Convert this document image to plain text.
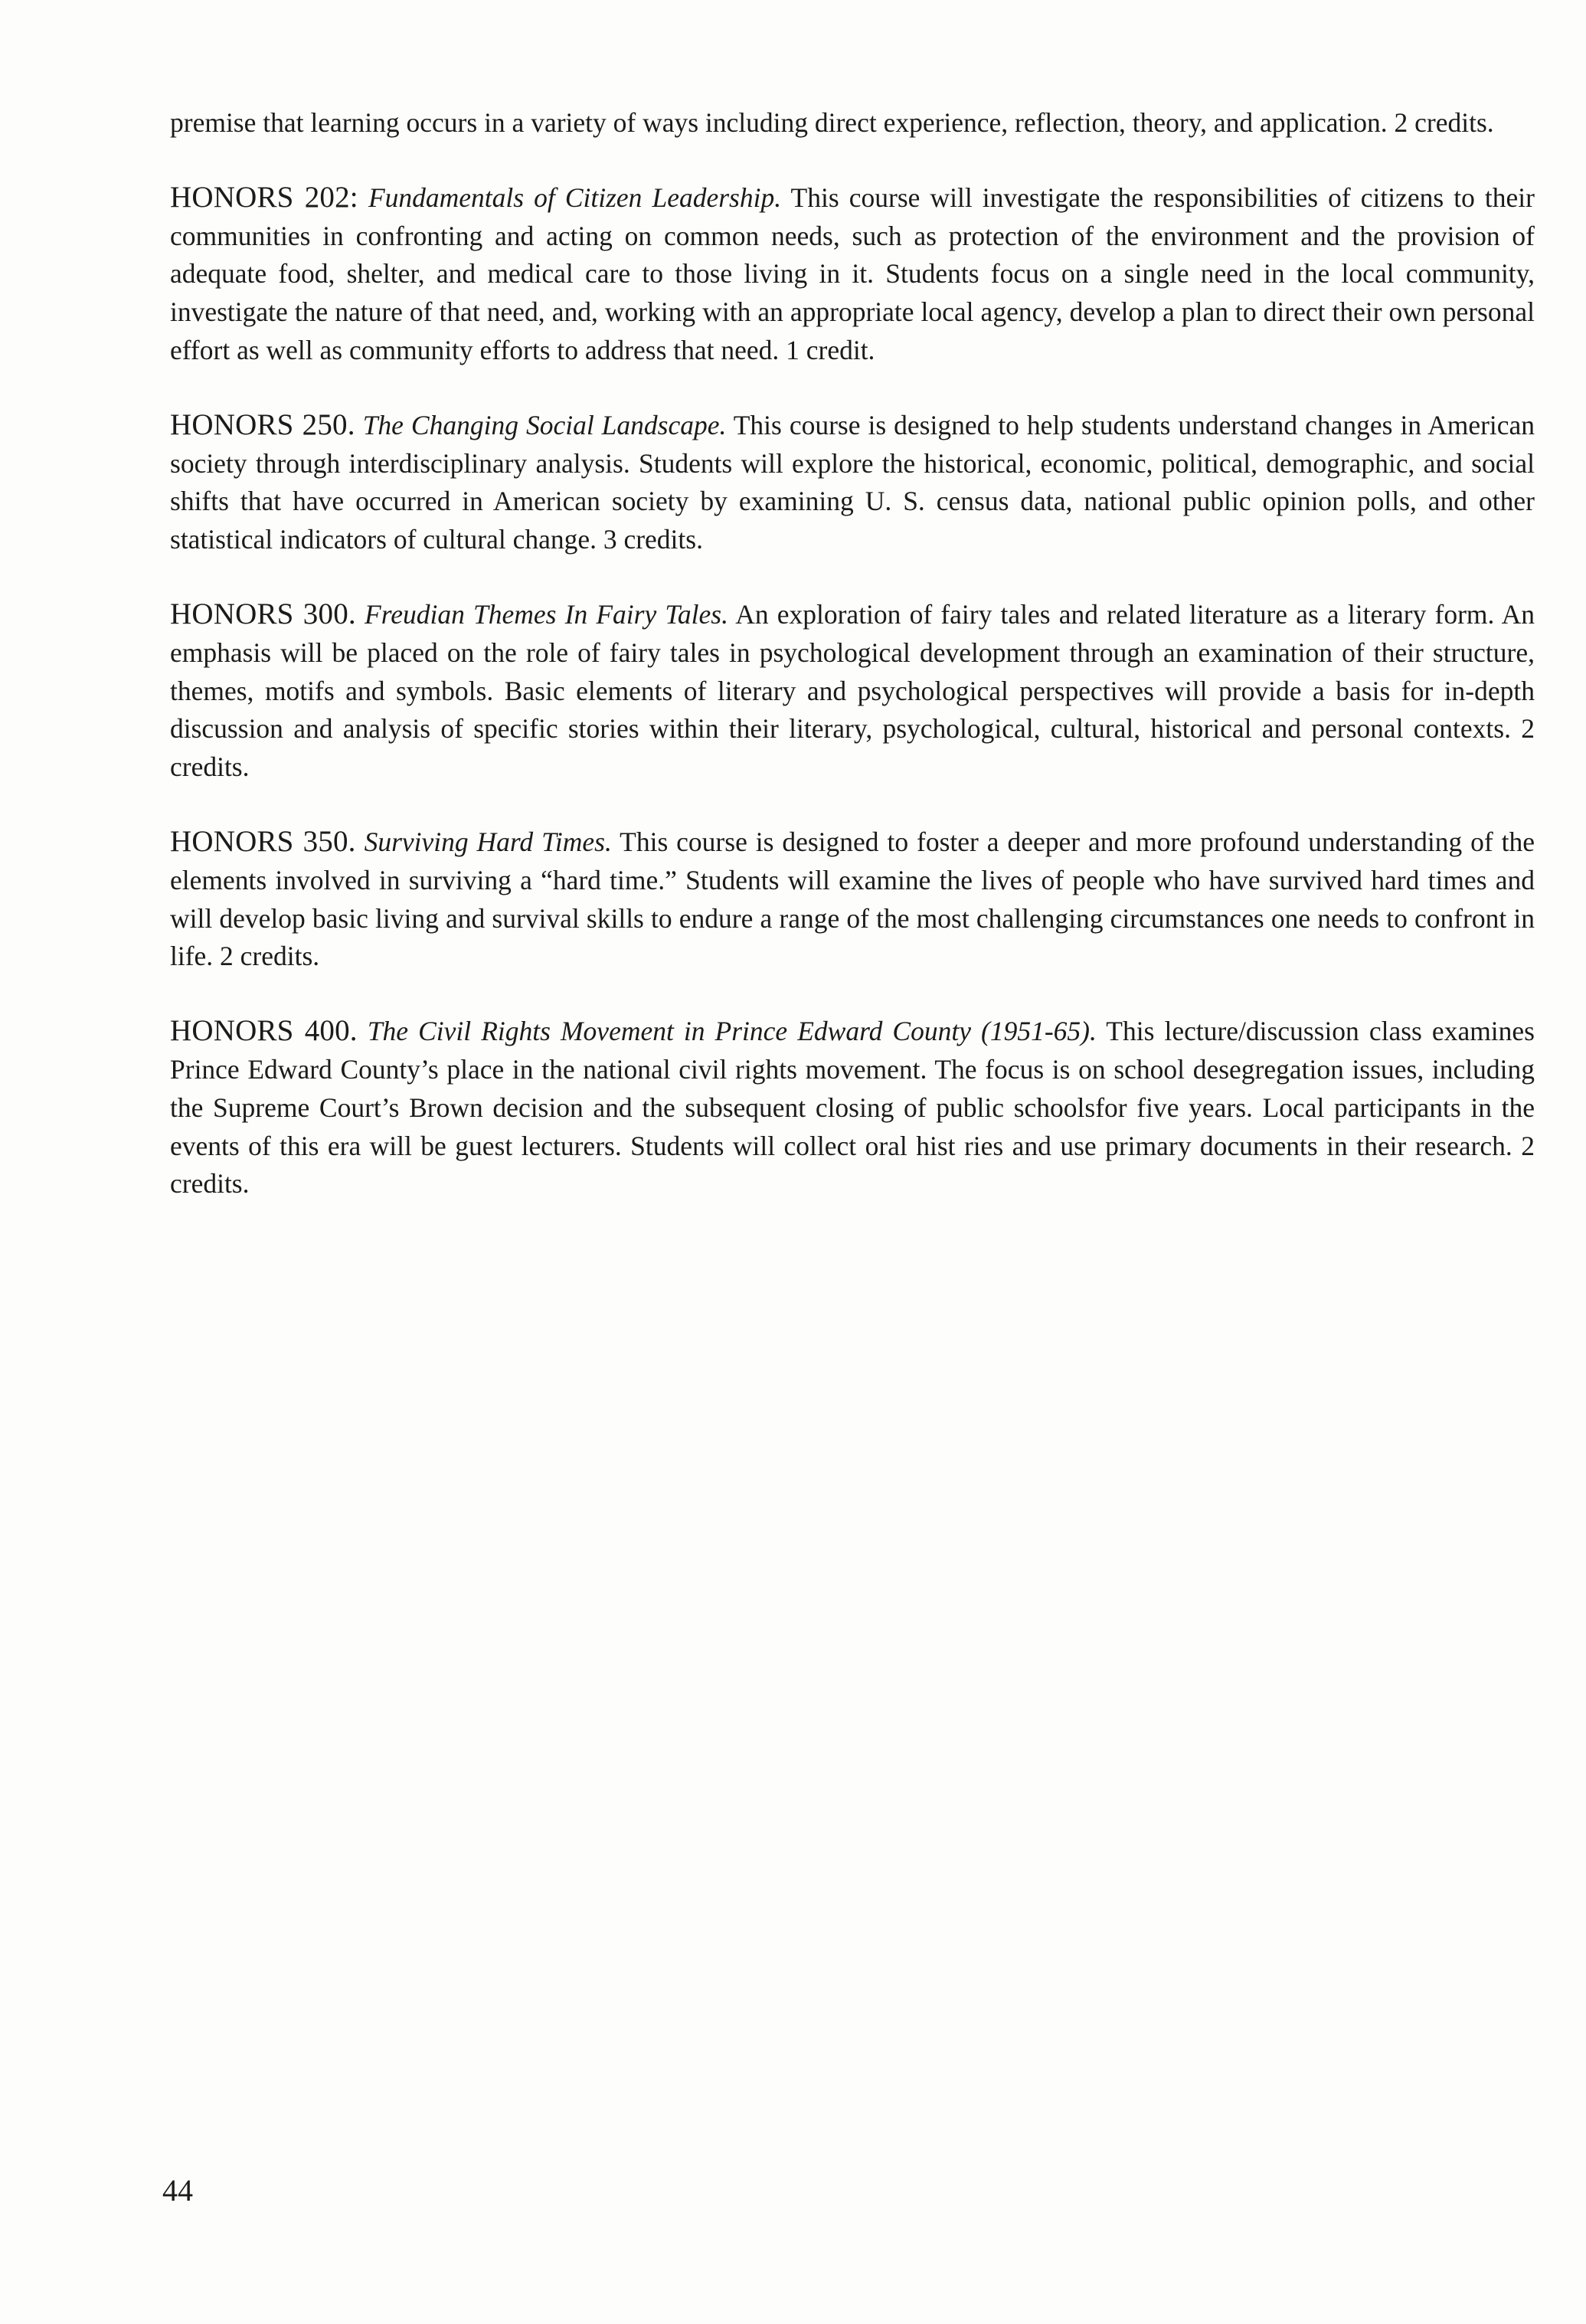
premise that learning occurs in a variety of ways including direct experience, reflection, theory, and application. 2 credits.

HONORS 202: Fundamentals of Citizen Leadership. This course will investigate the responsibilities of citizens to their communities in confronting and acting on common needs, such as protection of the environment and the provision of adequate food, shelter, and medical care to those living in it. Students focus on a single need in the local community, investigate the nature of that need, and, working with an appropriate local agency, develop a plan to direct their own personal effort as well as community efforts to address that need. 1 credit.

HONORS 250. The Changing Social Landscape. This course is designed to help students understand changes in American society through interdisciplinary analysis. Students will explore the historical, economic, political, demographic, and social shifts that have occurred in American society by examining U. S. census data, national public opinion polls, and other statistical indicators of cultural change. 3 credits.

HONORS 300. Freudian Themes In Fairy Tales. An exploration of fairy tales and related literature as a literary form. An emphasis will be placed on the role of fairy tales in psychological development through an examination of their structure, themes, motifs and symbols. Basic elements of literary and psychological perspectives will provide a basis for in-depth discussion and analysis of specific stories within their literary, psychological, cultural, historical and personal contexts. 2 credits.

HONORS 350. Surviving Hard Times. This course is designed to foster a deeper and more profound understanding of the elements involved in surviving a “hard time.” Students will examine the lives of people who have survived hard times and will develop basic living and survival skills to endure a range of the most challenging circumstances one needs to confront in life. 2 credits.

HONORS 400. The Civil Rights Movement in Prince Edward County (1951-65). This lecture/discussion class examines Prince Edward County’s place in the national civil rights movement. The focus is on school desegregation issues, including the Supreme Court’s Brown decision and the subsequent closing of public schoolsfor five years. Local participants in the events of this era will be guest lecturers. Students will collect oral hist ries and use primary documents in their research. 2 credits.

44
